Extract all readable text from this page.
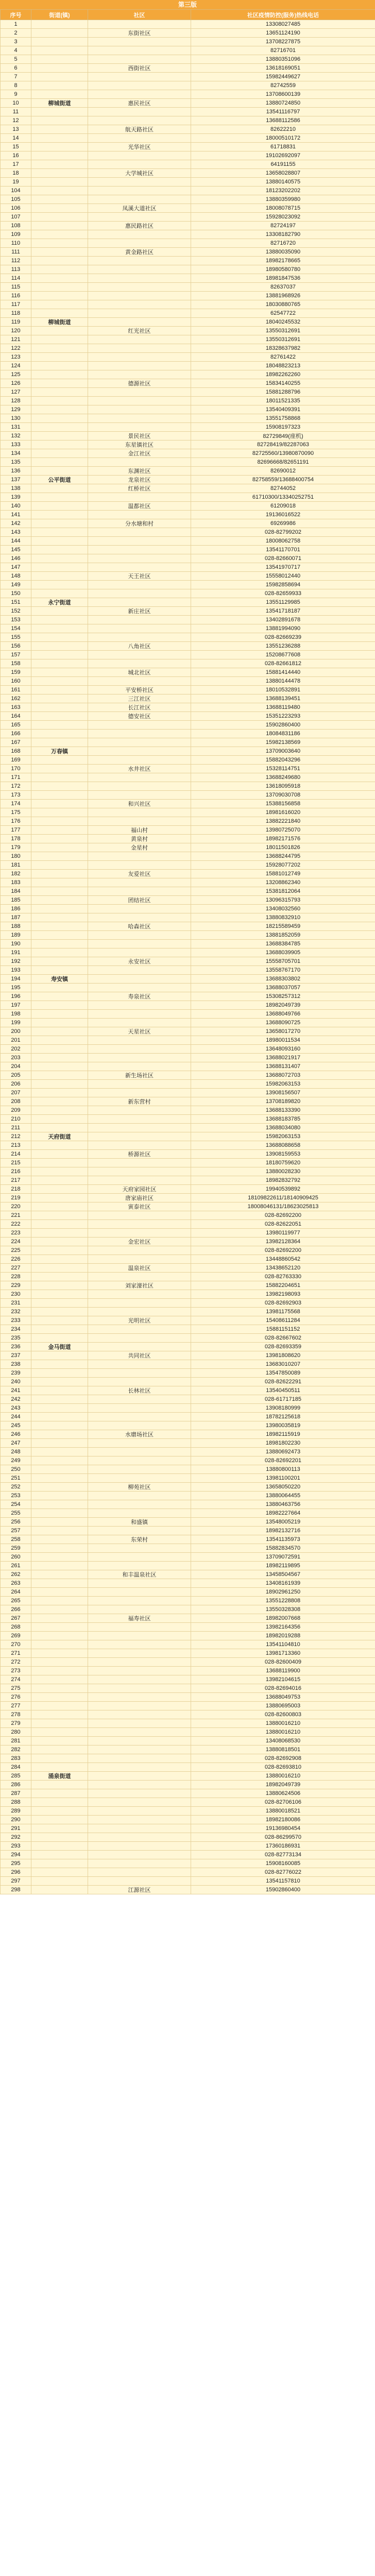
第三版
序号	街道(镇)	社区	社区疫情防控(服务)热线电话
1			13308027485
2		东街社区	13651124190
3			13708227875
4			82716701
5			13880351096
6		西街社区	13618169051
7			15982449627
8			82742559
9			13708600139
10	柳城街道	惠民社区	13880724850
11			13541116797
12			13688112586
13		航天路社区	82622210
14			18000510172
15		光华社区	61718831
16			19102692097
17			64191155
18		大学城社区	13658028807
19			13880140575
104			18123202202
105			13880359980
106		凤溪大道社区	18008078715
107			15928023092
108		惠民路社区	82724197
109			13308182790
110			82716720
111		黄金路社区	13880035090
112			18982178665
113			18980580780
114			18981847536
115			82637037
116			13881968926
117			18030880765
118			62547722
119	柳城街道		18040245532
120		红光社区	13550312691
121			13550312691
122			18328637982
123			82761422
124			18048823213
125			18982262260
126		德源社区	15834140255
127			15881288796
128			18011521335
129			13540409391
130			13551758868
131			15908197323
132		景民社区	82729849(座机)
133		东星镇社区	82728419/82287063
134		金江社区	82725560/13980870090
135			82696668/82651191
136		东渊社区	82690012
137	公平街道	龙泉社区	82758559/13688400754
138		红桥社区	82744052
139			61710300/13340252751
140		温都社区	61209018
141			19136016522
142		分水塘和村	69269986
143			028-82799202
144			18008062758
145			13541170701
146			028-82660071
147			13541970717
148		天王社区	15558012440
149			15982858694
150			028-82659933
151	永宁街道		13551129985
152		新庄社区	13541718187
153			13402891678
154			13881994090
155			028-82669239
156		八角社区	13551236288
157			15208677608
158			028-82661812
159		城北社区	15881414440
160			13880144478
161		平安桥社区	18010532891
162		三江社区	13688139451
163		长江社区	13688119480
164		德安社区	15351223293
165			15902860400
166			18084831186
167			15982138569
168	万春镇		13709003640
169			15882043296
170		水井社区	15328114751
171			13688249680
172			13618095918
173			13709030708
174		和兴社区	15388156858
175			18981616020
176			13882221840
177		福山村	13980725070
178		黄泉村	18982171576
179		金星村	18011501826
180			13688244795
181			15928077202
182		友爱社区	15881012749
183			13208862340
184			15381812064
185		团结社区	13096315793
186			13408032560
187			13880832910
188		哈森社区	18215589459
189			13881852059
190			13688384785
191			13688039905
192		永安社区	15558705701
193			13558767170
194	寿安镇		13688303802
195			13688037057
196		寿泉社区	15308257312
197			18982049739
198			13688049766
199			13688090725
200		天星社区	13658017270
201			18980011534
202			13648093160
203			13688021917
204			13688131407
205		新生场社区	13688072703
206			15982063153
207			13908156507
208		新东营村	13708189820
209			13688133390
210			13688183785
211			13688034080
212	天府街道		15982063153
213			13688088658
214		桥源社区	13908159553
215			18180759620
216			13880028230
217			18982832792
218		天府家园社区	19940539892
219		唐家庙社区	18109822611/18140909425
220		寅泰社区	18008046131/18623025813
221			028-82692200
222			028-82622051
223			13980119977
224		金宏社区	13982128364
225			028-82692200
226			13448860542
227		温泉社区	13438652120
228			028-82763330
229		刘家濠社区	15882204651
230			13982198093
231			028-82692903
232			13981175568
233		光明社区	15408611284
234			15881151152
235			028-82667602
236	金马街道		028-82693359
237		共同社区	13981808620
238			13683010207
239			13547850089
240			028-82622291
241		长林社区	13540450511
242			028-61717185
243			13908180999
244			18782125618
245			13980035819
246		水磨场社区	18982115919
247			18981802230
248			13880692473
249			028-82692201
250			13880800113
251			13981100201
252		柳苑社区	13658050220
253			13880064455
254			13880463756
255			18982227664
256		和盛镇	13548005219
257			18982132716
258		东荣村	13541135973
259			15882834570
260			13709072591
261			18982119895
262		和丰温泉社区	13458504567
263			13408161939
264			18902961250
265			13551228808
266			13550328308
267		福寿社区	18982007668
268			13982164356
269			18982019288
270			13541104810
271			13981713360
272			028-82600409
273			13688119900
274			13982104615
275			028-82694016
276			13688049753
277			13880695003
278			028-82600803
279			13880016210
280			13880016210
281			13408068530
282			13880818501
283			028-82692908
284			028-82693810
285	涌泉街道		13880016210
286			18982049739
287			13880624506
288			028-82706106
289			13880018521
290			18982180086
291			19136980454
292			028-86299570
293			17360186931
294			028-82773134
295			15908160085
296			028-82776022
297			13541157810
298		江源社区	15902860400
